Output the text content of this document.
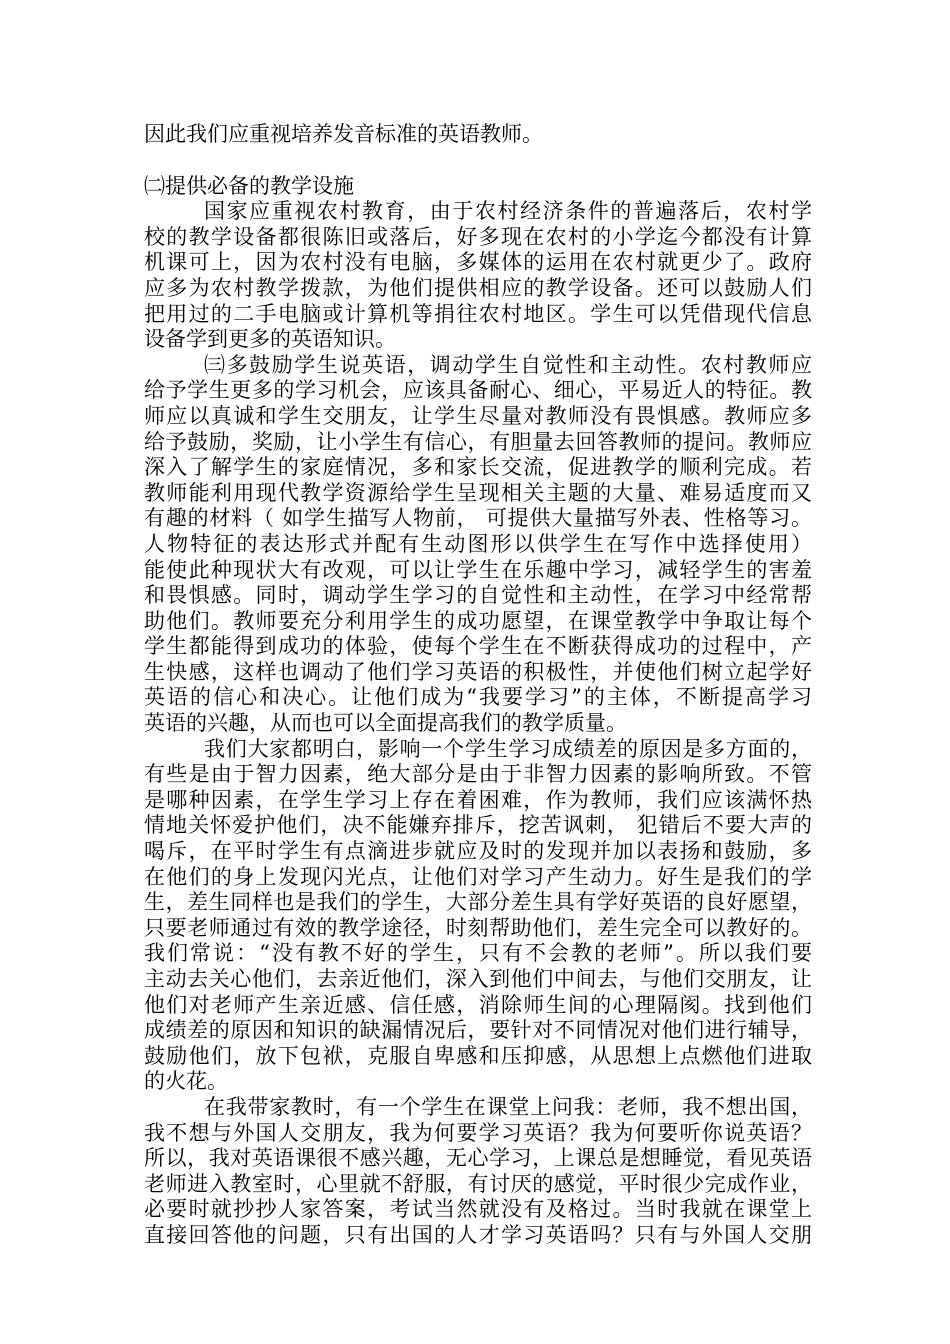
因此我们应重视培养发音标准的英语教师。
㈡提供必备的教学设施
国家应重视农村教育，由于农村经济条件的普遍落后，农村学
校的教学设备都很陈旧或落后，好多现在农村的小学迄今都没有计算
机课可上，因为农村没有电脑，多媒体的运用在农村就更少了。政府
应多为农村教学拨款，为他们提供相应的教学设备。还可以鼓励人们
把用过的二手电脑或计算机等捐往农村地区。学生可以凭借现代信息
设备学到更多的英语知识。
㈢多鼓励学生说英语，调动学生自觉性和主动性。农村教师应
给予学生更多的学习机会，应该具备耐心、细心，平易近人的特征。教
师应以真诚和学生交朋友，让学生尽量对教师没有畏惧感。教师应多
给予鼓励，奖励，让小学生有信心，有胆量去回答教师的提问。教师应
深入了解学生的家庭情况，多和家长交流，促进教学的顺利完成。若
教师能利用现代教学资源给学生呈现相关主题的大量、难易适度而又
有趣的材料（ 如学生描写人物前， 可提供大量描写外表、性格等习。
人物特征的表达形式并配有生动图形以供学生在写作中选择使用）
能使此种现状大有改观，可以让学生在乐趣中学习，减轻学生的害羞
和畏惧感。同时，调动学生学习的自觉性和主动性，在学习中经常帮
助他们。教师要充分利用学生的成功愿望，在课堂教学中争取让每个
学生都能得到成功的体验，使每个学生在不断获得成功的过程中，产
生快感，这样也调动了他们学习英语的积极性，并使他们树立起学好
英语的信心和决心。让他们成为“我要学习”的主体，不断提高学习
英语的兴趣，从而也可以全面提高我们的教学质量。
我们大家都明白，影响一个学生学习成绩差的原因是多方面的，
有些是由于智力因素，绝大部分是由于非智力因素的影响所致。不管
是哪种因素，在学生学习上存在着困难，作为教师，我们应该满怀热
情地关怀爱护他们，决不能嫌弃排斥，挖苦讽刺， 犯错后不要大声的
喝斥，在平时学生有点滴进步就应及时的发现并加以表扬和鼓励，多
在他们的身上发现闪光点，让他们对学习产生动力。好生是我们的学
生，差生同样也是我们的学生，大部分差生具有学好英语的良好愿望，
只要老师通过有效的教学途径，时刻帮助他们，差生完全可以教好的。
我们常说：“没有教不好的学生，只有不会教的老师”。所以我们要
主动去关心他们，去亲近他们，深入到他们中间去，与他们交朋友，让
他们对老师产生亲近感、信任感，消除师生间的心理隔阂。找到他们
成绩差的原因和知识的缺漏情况后，要针对不同情况对他们进行辅导，
鼓励他们，放下包袱，克服自卑感和压抑感，从思想上点燃他们进取
的火花。
在我带家教时，有一个学生在课堂上问我：老师，我不想出国，
我不想与外国人交朋友，我为何要学习英语？我为何要听你说英语？
所以，我对英语课很不感兴趣，无心学习，上课总是想睡觉，看见英语
老师进入教室时，心里就不舒服，有讨厌的感觉，平时很少完成作业，
必要时就抄抄人家答案，考试当然就没有及格过。当时我就在课堂上
直接回答他的问题，只有出国的人才学习英语吗？只有与外国人交朋
